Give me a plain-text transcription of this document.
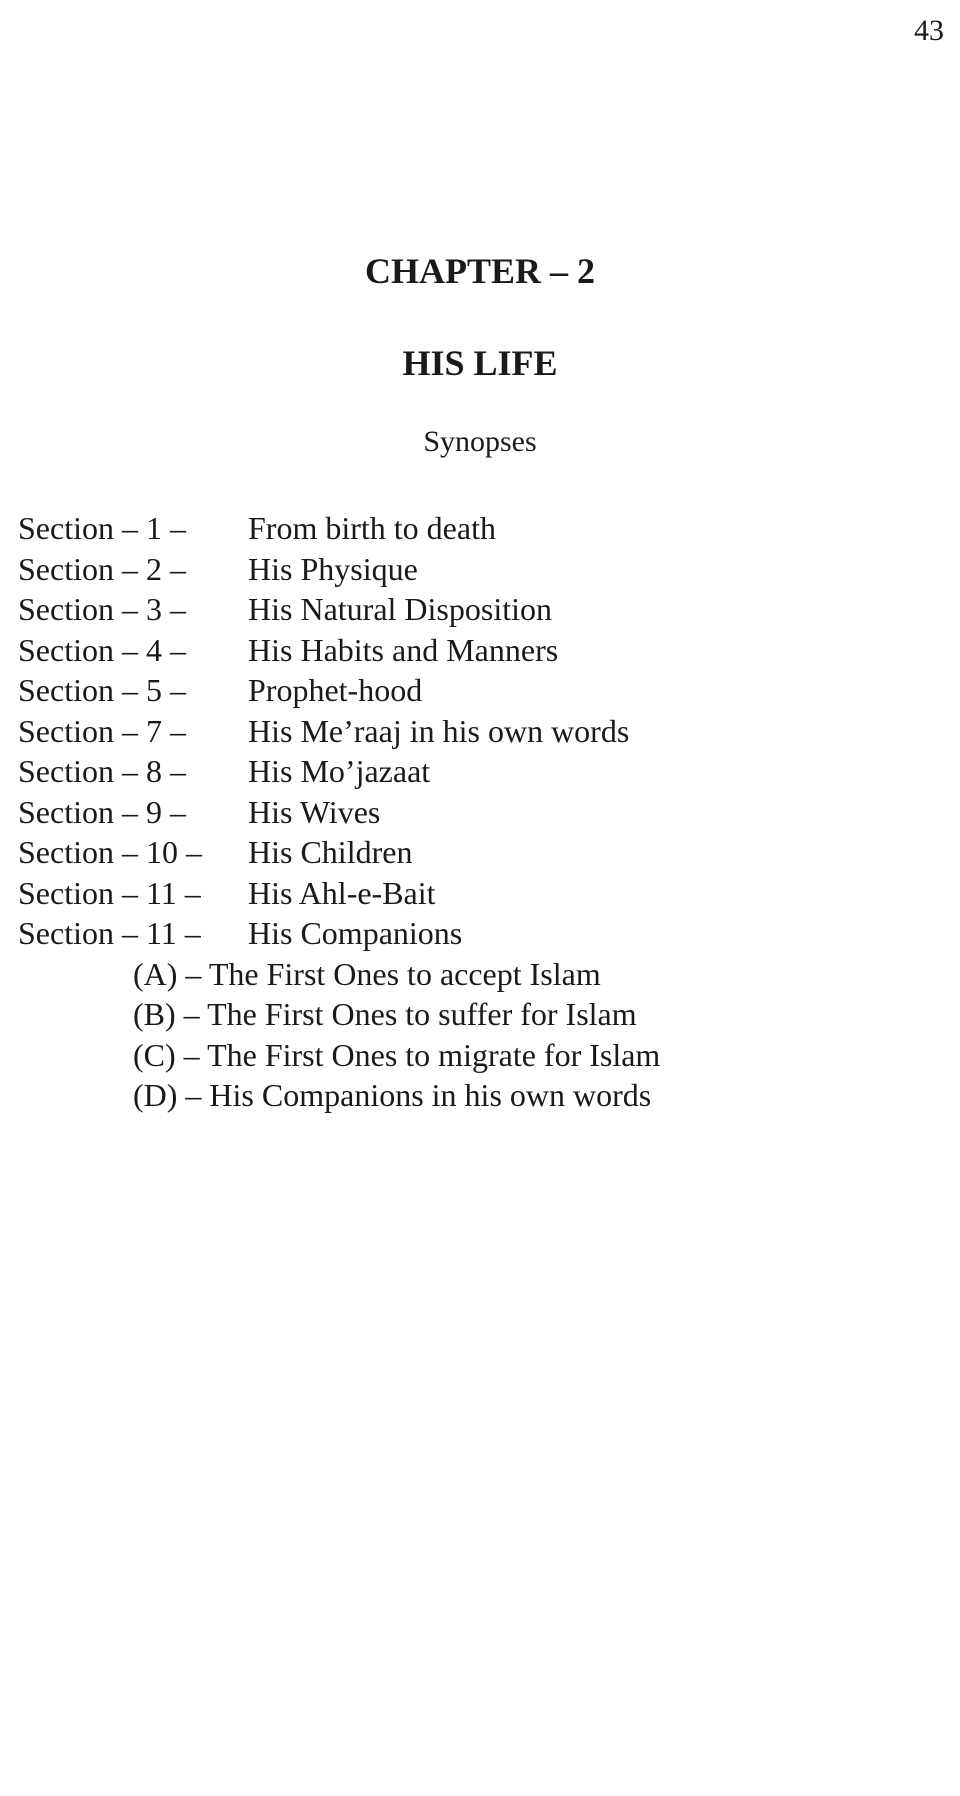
43
CHAPTER – 2
HIS LIFE
Synopses
Section – 1 –	From birth to death
Section – 2 –	His Physique
Section – 3 –	His Natural Disposition
Section – 4 –	His Habits and Manners
Section – 5 –	Prophet-hood
Section – 7 –	His Me’raaj in his own words
Section – 8 –	His Mo’jazaat
Section – 9 –	His Wives
Section – 10 –	His Children
Section – 11 –	His Ahl-e-Bait
Section – 11 –	His Companions
(A) – The First Ones to accept Islam
(B) – The First Ones to suffer for Islam
(C) – The First Ones to migrate for Islam
(D) – His Companions in his own words
